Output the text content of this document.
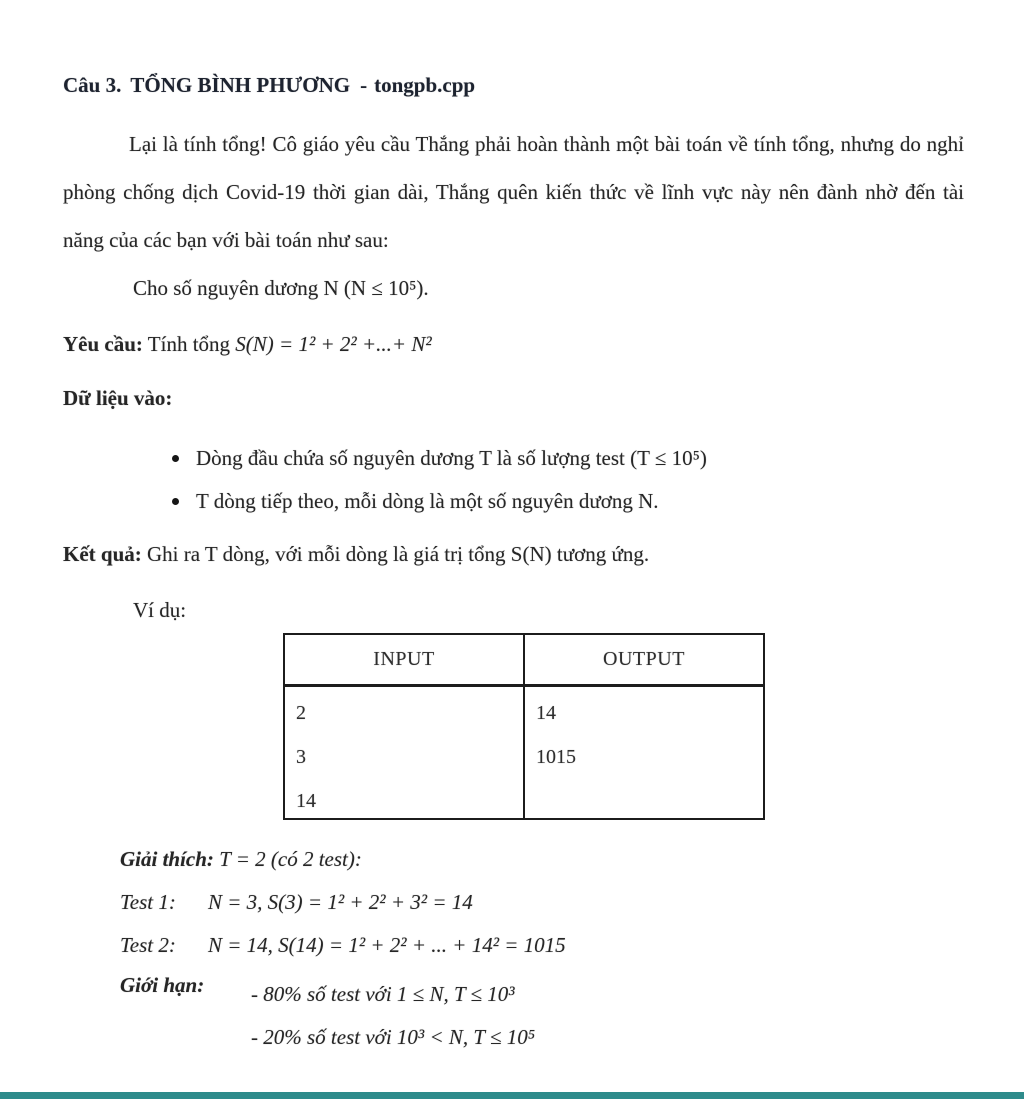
Câu 3. TỔNG BÌNH PHƯƠNG - tongpb.cpp

Lại là tính tổng! Cô giáo yêu cầu Thắng phải hoàn thành một bài toán về tính tổng, nhưng do nghỉ phòng chống dịch Covid-19 thời gian dài, Thắng quên kiến thức về lĩnh vực này nên đành nhờ đến tài năng của các bạn với bài toán như sau:

Cho số nguyên dương N (N ≤ 10⁵).
Yêu cầu: Tính tổng S(N) = 1² + 2² +...+ N²
Dữ liệu vào:
Dòng đầu chứa số nguyên dương T là số lượng test (T ≤ 10⁵)
T dòng tiếp theo, mỗi dòng là một số nguyên dương N.
Kết quả: Ghi ra T dòng, với mỗi dòng là giá trị tổng S(N) tương ứng.
Ví dụ:
INPUT	OUTPUT
2
3
14
14
1015
Giải thích: T = 2 (có 2 test):
Test 1: N = 3, S(3) = 1² + 2² + 3² = 14
Test 2: N = 14, S(14) = 1² + 2² + ... + 14² = 1015
Giới hạn:	- 80% số test với 1 ≤ N, T ≤ 10³
- 20% số test với 10³ < N, T ≤ 10⁵
